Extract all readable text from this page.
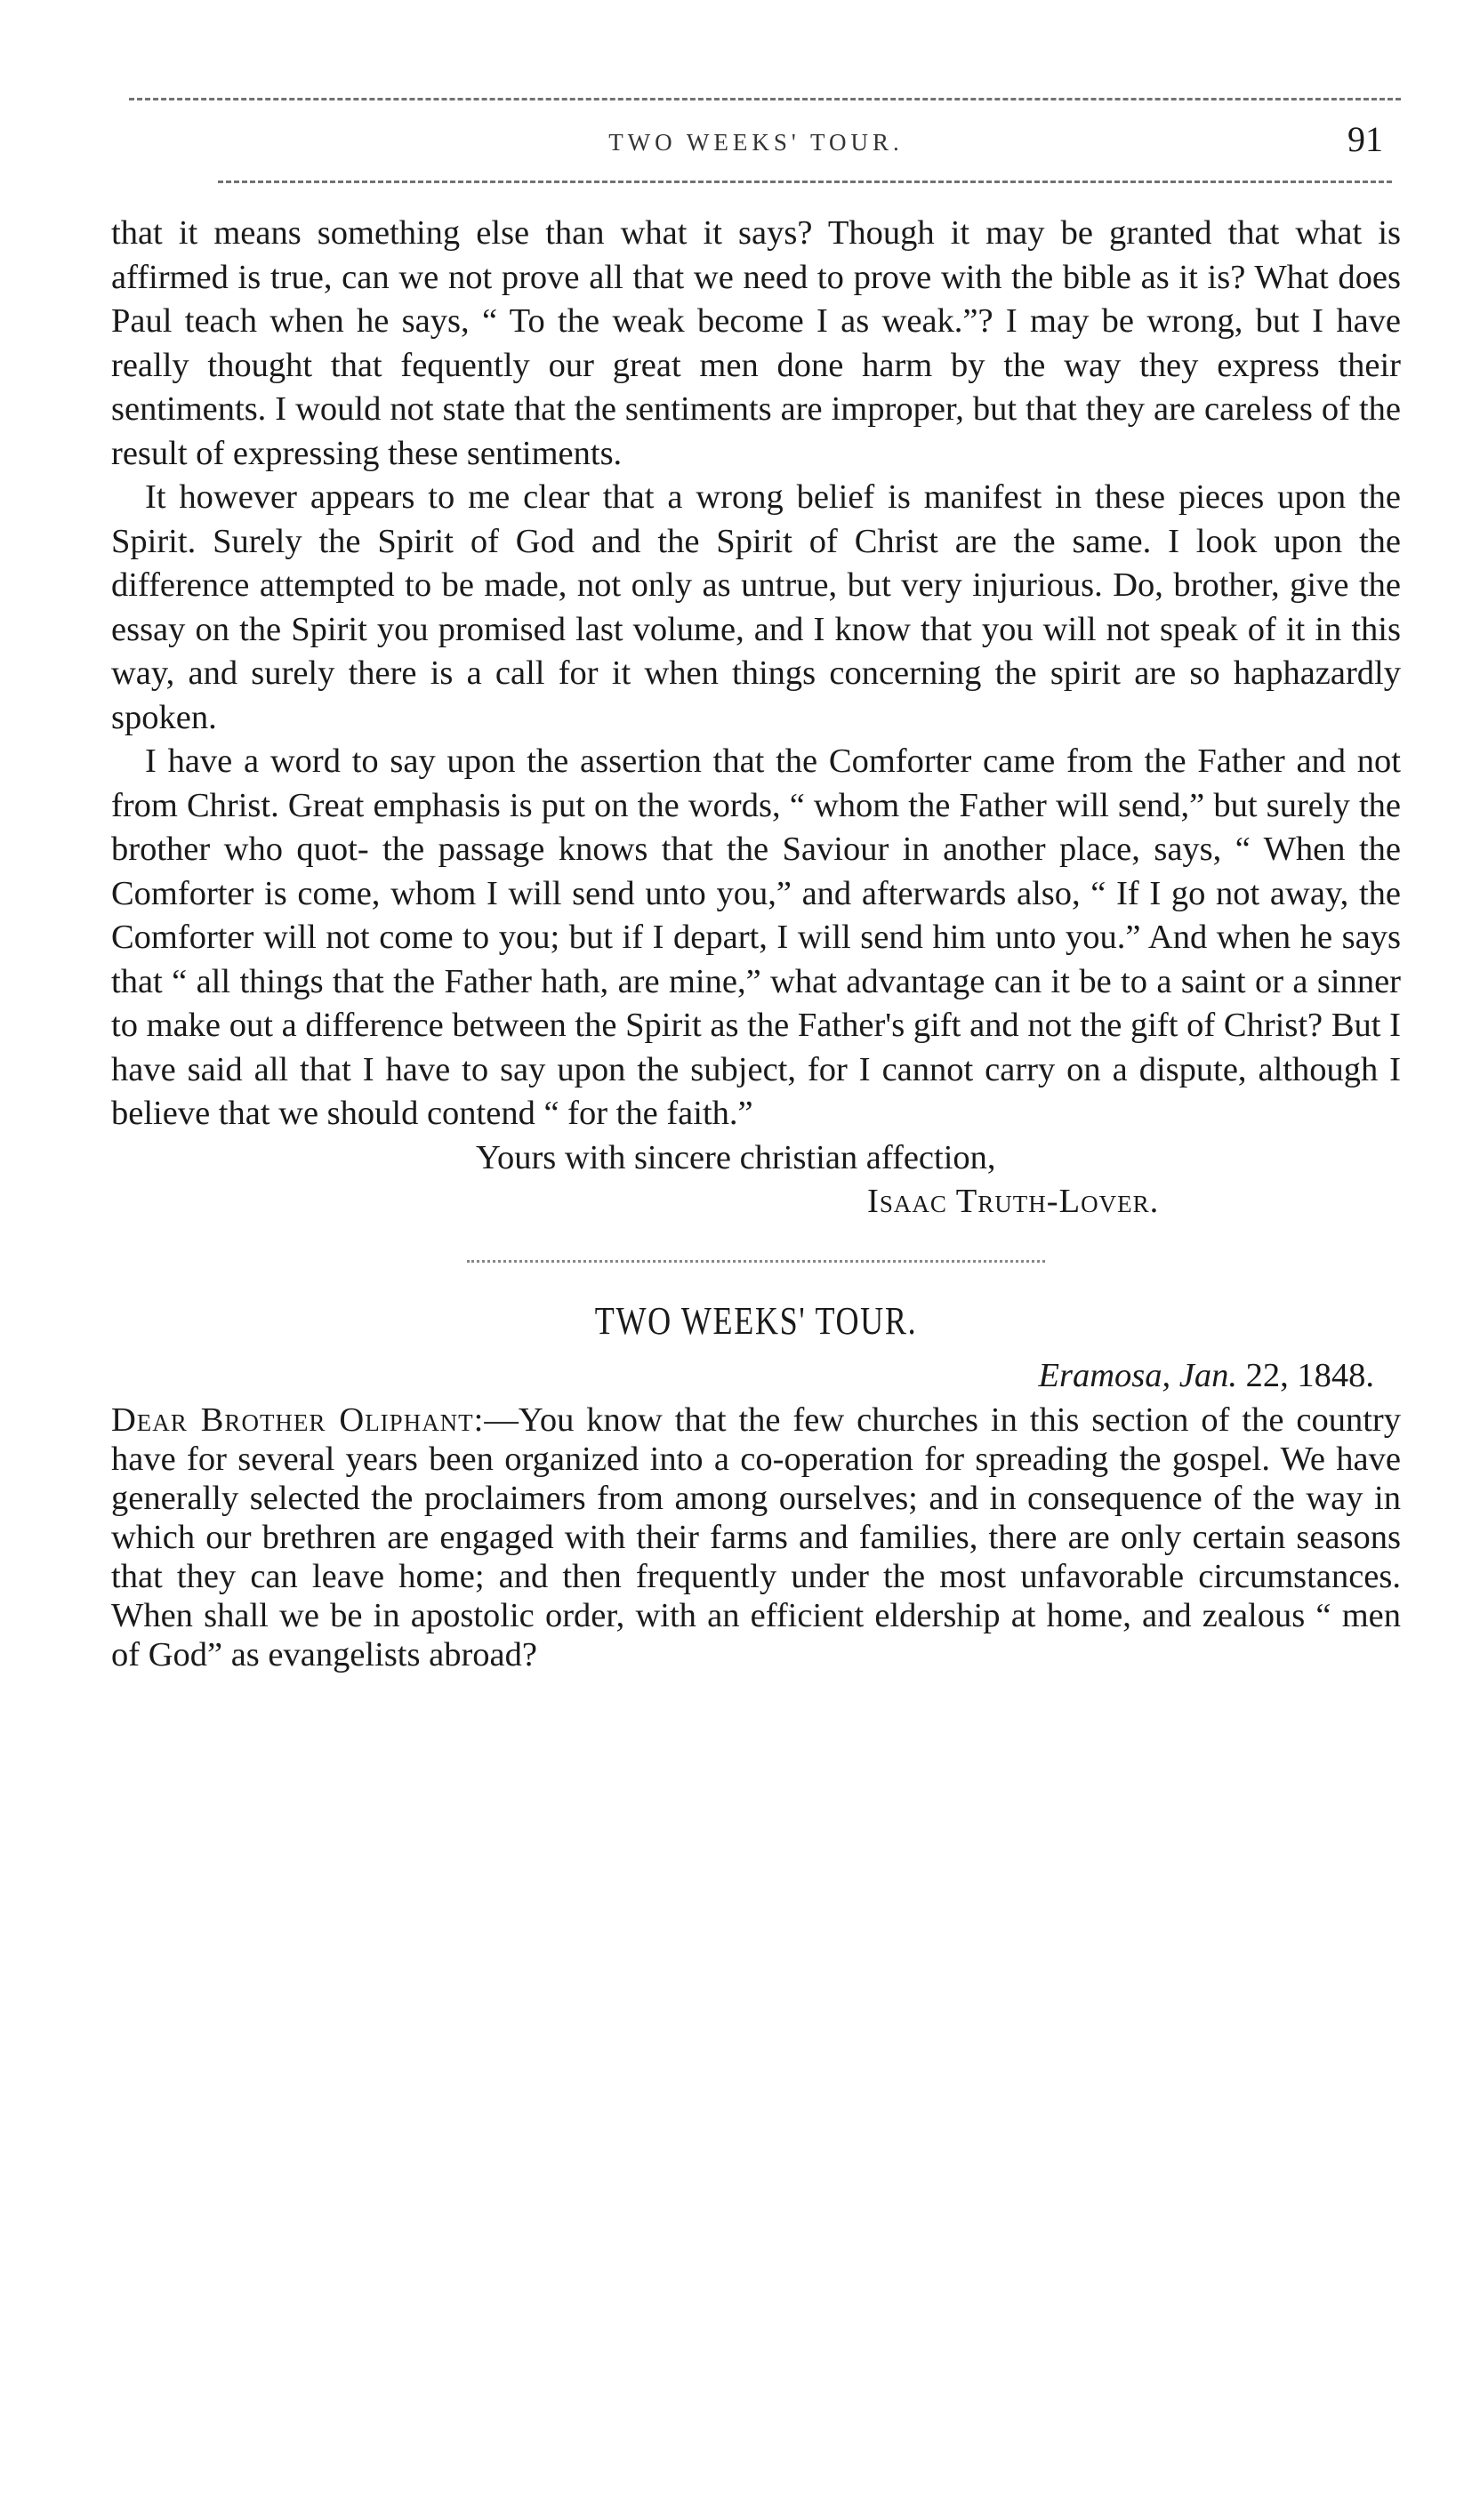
TWO WEEKS' TOUR.	91

that it means something else than what it says? Though it may be granted that what is affirmed is true, can we not prove all that we need to prove with the bible as it is? What does Paul teach when he says, “ To the weak become I as weak.”? I may be wrong, but I have really thought that fequently our great men done harm by the way they express their sentiments. I would not state that the sentiments are improper, but that they are careless of the result of expressing these sentiments.

It however appears to me clear that a wrong belief is manifest in these pieces upon the Spirit. Surely the Spirit of God and the Spirit of Christ are the same. I look upon the difference attempted to be made, not only as untrue, but very injurious. Do, brother, give the essay on the Spirit you promised last volume, and I know that you will not speak of it in this way, and surely there is a call for it when things concerning the spirit are so haphazardly spoken.

I have a word to say upon the assertion that the Comforter came from the Father and not from Christ. Great emphasis is put on the words, “ whom the Father will send,” but surely the brother who quot- the passage knows that the Saviour in another place, says, “ When the Comforter is come, whom I will send unto you,” and afterwards also, “ If I go not away, the Comforter will not come to you; but if I depart, I will send him unto you.” And when he says that “ all things that the Father hath, are mine,” what advantage can it be to a saint or a sinner to make out a difference between the Spirit as the Father's gift and not the gift of Christ? But I have said all that I have to say upon the subject, for I cannot carry on a dispute, although I believe that we should contend “ for the faith.”

Yours with sincere christian affection,
Isaac Truth-Lover.
TWO WEEKS' TOUR.
Eramosa, Jan. 22, 1848.
Dear Brother Oliphant:—You know that the few churches in this section of the country have for several years been organized into a co-operation for spreading the gospel. We have generally selected the proclaimers from among ourselves; and in consequence of the way in which our brethren are engaged with their farms and families, there are only certain seasons that they can leave home; and then frequently under the most unfavorable circumstances. When shall we be in apostolic order, with an efficient eldership at home, and zealous “ men of God” as evangelists abroad?
